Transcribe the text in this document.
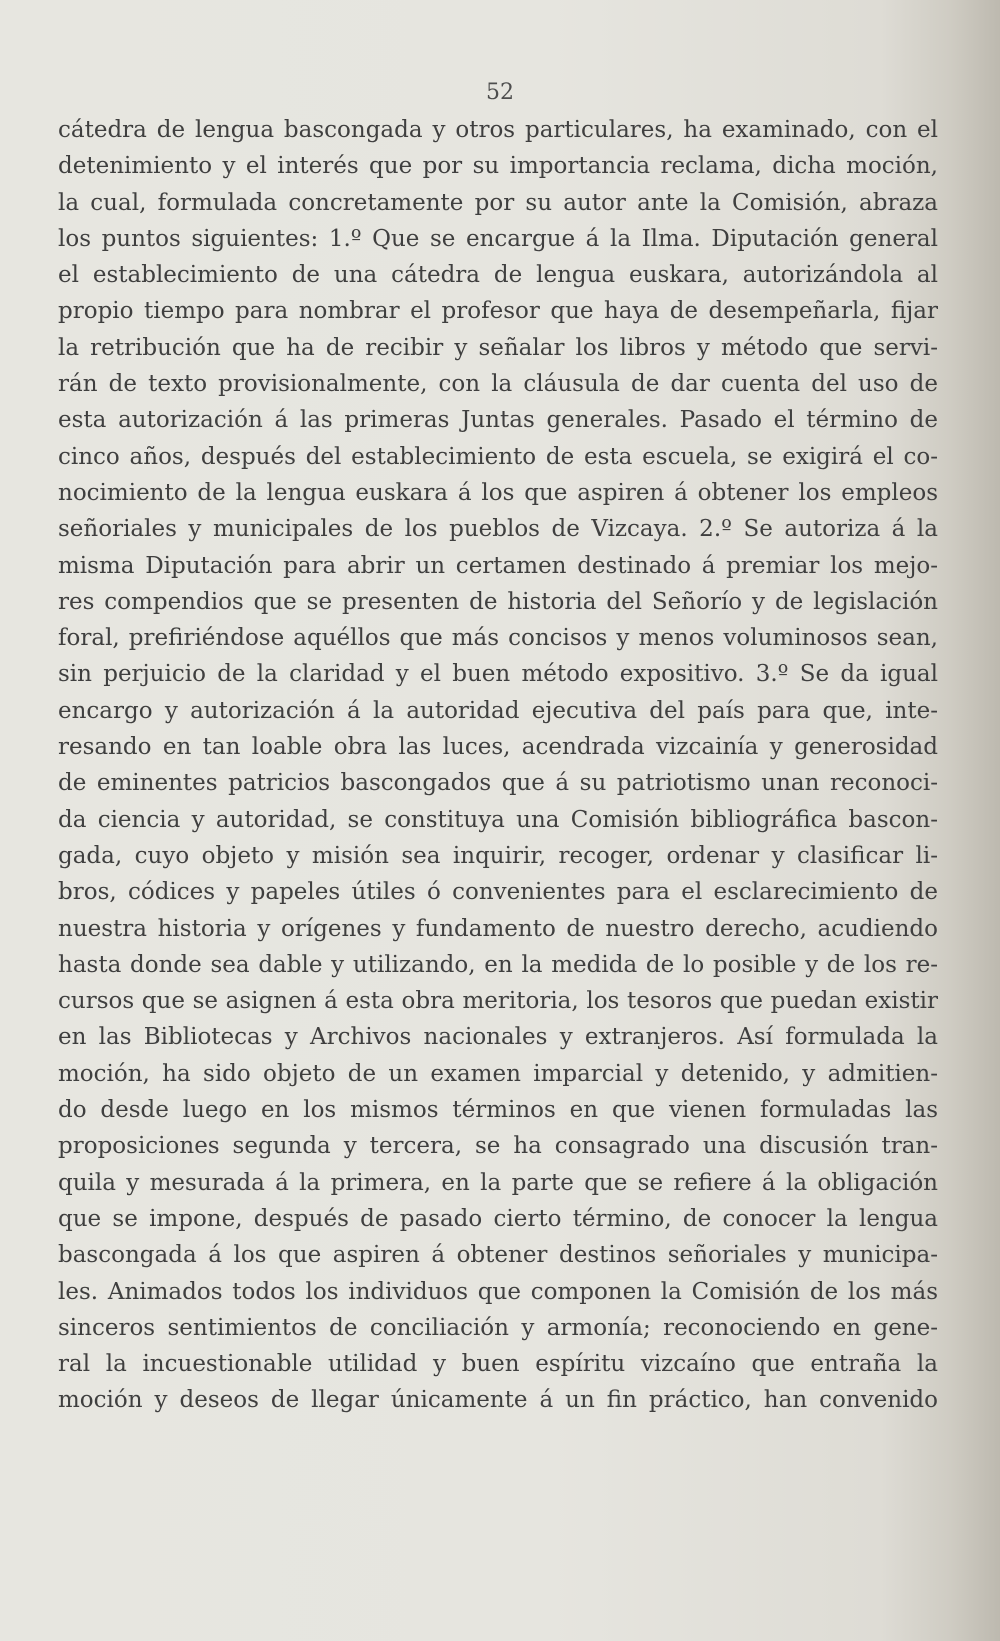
52
cátedra de lengua bascongada y otros particulares, ha examinado, con el
detenimiento y el interés que por su importancia reclama, dicha moción,
la cual, formulada concretamente por su autor ante la Comisión, abraza
los puntos siguientes: 1.º Que se encargue á la Ilma. Diputación general
el establecimiento de una cátedra de lengua euskara, autorizándola al
propio tiempo para nombrar el profesor que haya de desempeñarla, fijar
la retribución que ha de recibir y señalar los libros y método que servi-
rán de texto provisionalmente, con la cláusula de dar cuenta del uso de
esta autorización á las primeras Juntas generales. Pasado el término de
cinco años, después del establecimiento de esta escuela, se exigirá el co-
nocimiento de la lengua euskara á los que aspiren á obtener los empleos
señoriales y municipales de los pueblos de Vizcaya. 2.º Se autoriza á la
misma Diputación para abrir un certamen destinado á premiar los mejo-
res compendios que se presenten de historia del Señorío y de legislación
foral, prefiriéndose aquéllos que más concisos y menos voluminosos sean,
sin perjuicio de la claridad y el buen método expositivo. 3.º Se da igual
encargo y autorización á la autoridad ejecutiva del país para que, inte-
resando en tan loable obra las luces, acendrada vizcainía y generosidad
de eminentes patricios bascongados que á su patriotismo unan reconoci-
da ciencia y autoridad, se constituya una Comisión bibliográfica bascon-
gada, cuyo objeto y misión sea inquirir, recoger, ordenar y clasificar li-
bros, códices y papeles útiles ó convenientes para el esclarecimiento de
nuestra historia y orígenes y fundamento de nuestro derecho, acudiendo
hasta donde sea dable y utilizando, en la medida de lo posible y de los re-
cursos que se asignen á esta obra meritoria, los tesoros que puedan existir
en las Bibliotecas y Archivos nacionales y extranjeros. Así formulada la
moción, ha sido objeto de un examen imparcial y detenido, y admitien-
do desde luego en los mismos términos en que vienen formuladas las
proposiciones segunda y tercera, se ha consagrado una discusión tran-
quila y mesurada á la primera, en la parte que se refiere á la obligación
que se impone, después de pasado cierto término, de conocer la lengua
bascongada á los que aspiren á obtener destinos señoriales y municipa-
les. Animados todos los individuos que componen la Comisión de los más
sinceros sentimientos de conciliación y armonía; reconociendo en gene-
ral la incuestionable utilidad y buen espíritu vizcaíno que entraña la
moción y deseos de llegar únicamente á un fin práctico, han convenido
